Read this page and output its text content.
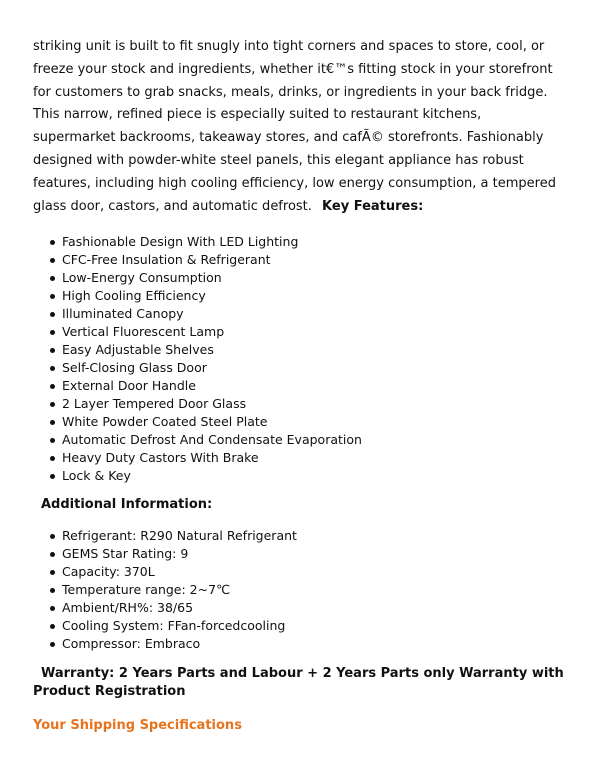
striking unit is built to fit snugly into tight corners and spaces to store, cool, or freeze your stock and ingredients, whether it€™s fitting stock in your storefront for customers to grab snacks, meals, drinks, or ingredients in your back fridge. This narrow, refined piece is especially suited to restaurant kitchens, supermarket backrooms, takeaway stores, and cafÃ© storefronts. Fashionably designed with powder-white steel panels, this elegant appliance has robust features, including high cooling efficiency, low energy consumption, a tempered glass door, castors, and automatic defrost. Key Features:

Fashionable Design With LED Lighting
CFC-Free Insulation & Refrigerant
Low-Energy Consumption
High Cooling Efficiency
Illuminated Canopy
Vertical Fluorescent Lamp
Easy Adjustable Shelves
Self-Closing Glass Door
External Door Handle
2 Layer Tempered Door Glass
White Powder Coated Steel Plate
Automatic Defrost And Condensate Evaporation
Heavy Duty Castors With Brake
Lock & Key
Additional Information:
Refrigerant: R290 Natural Refrigerant
GEMS Star Rating: 9
Capacity: 370L
Temperature range: 2~7℃
Ambient/RH%: 38/65
Cooling System: FFan-forcedcooling
Compressor: Embraco

Warranty: 2 Years Parts and Labour + 2 Years Parts only Warranty with Product Registration

Your Shipping Specifications
